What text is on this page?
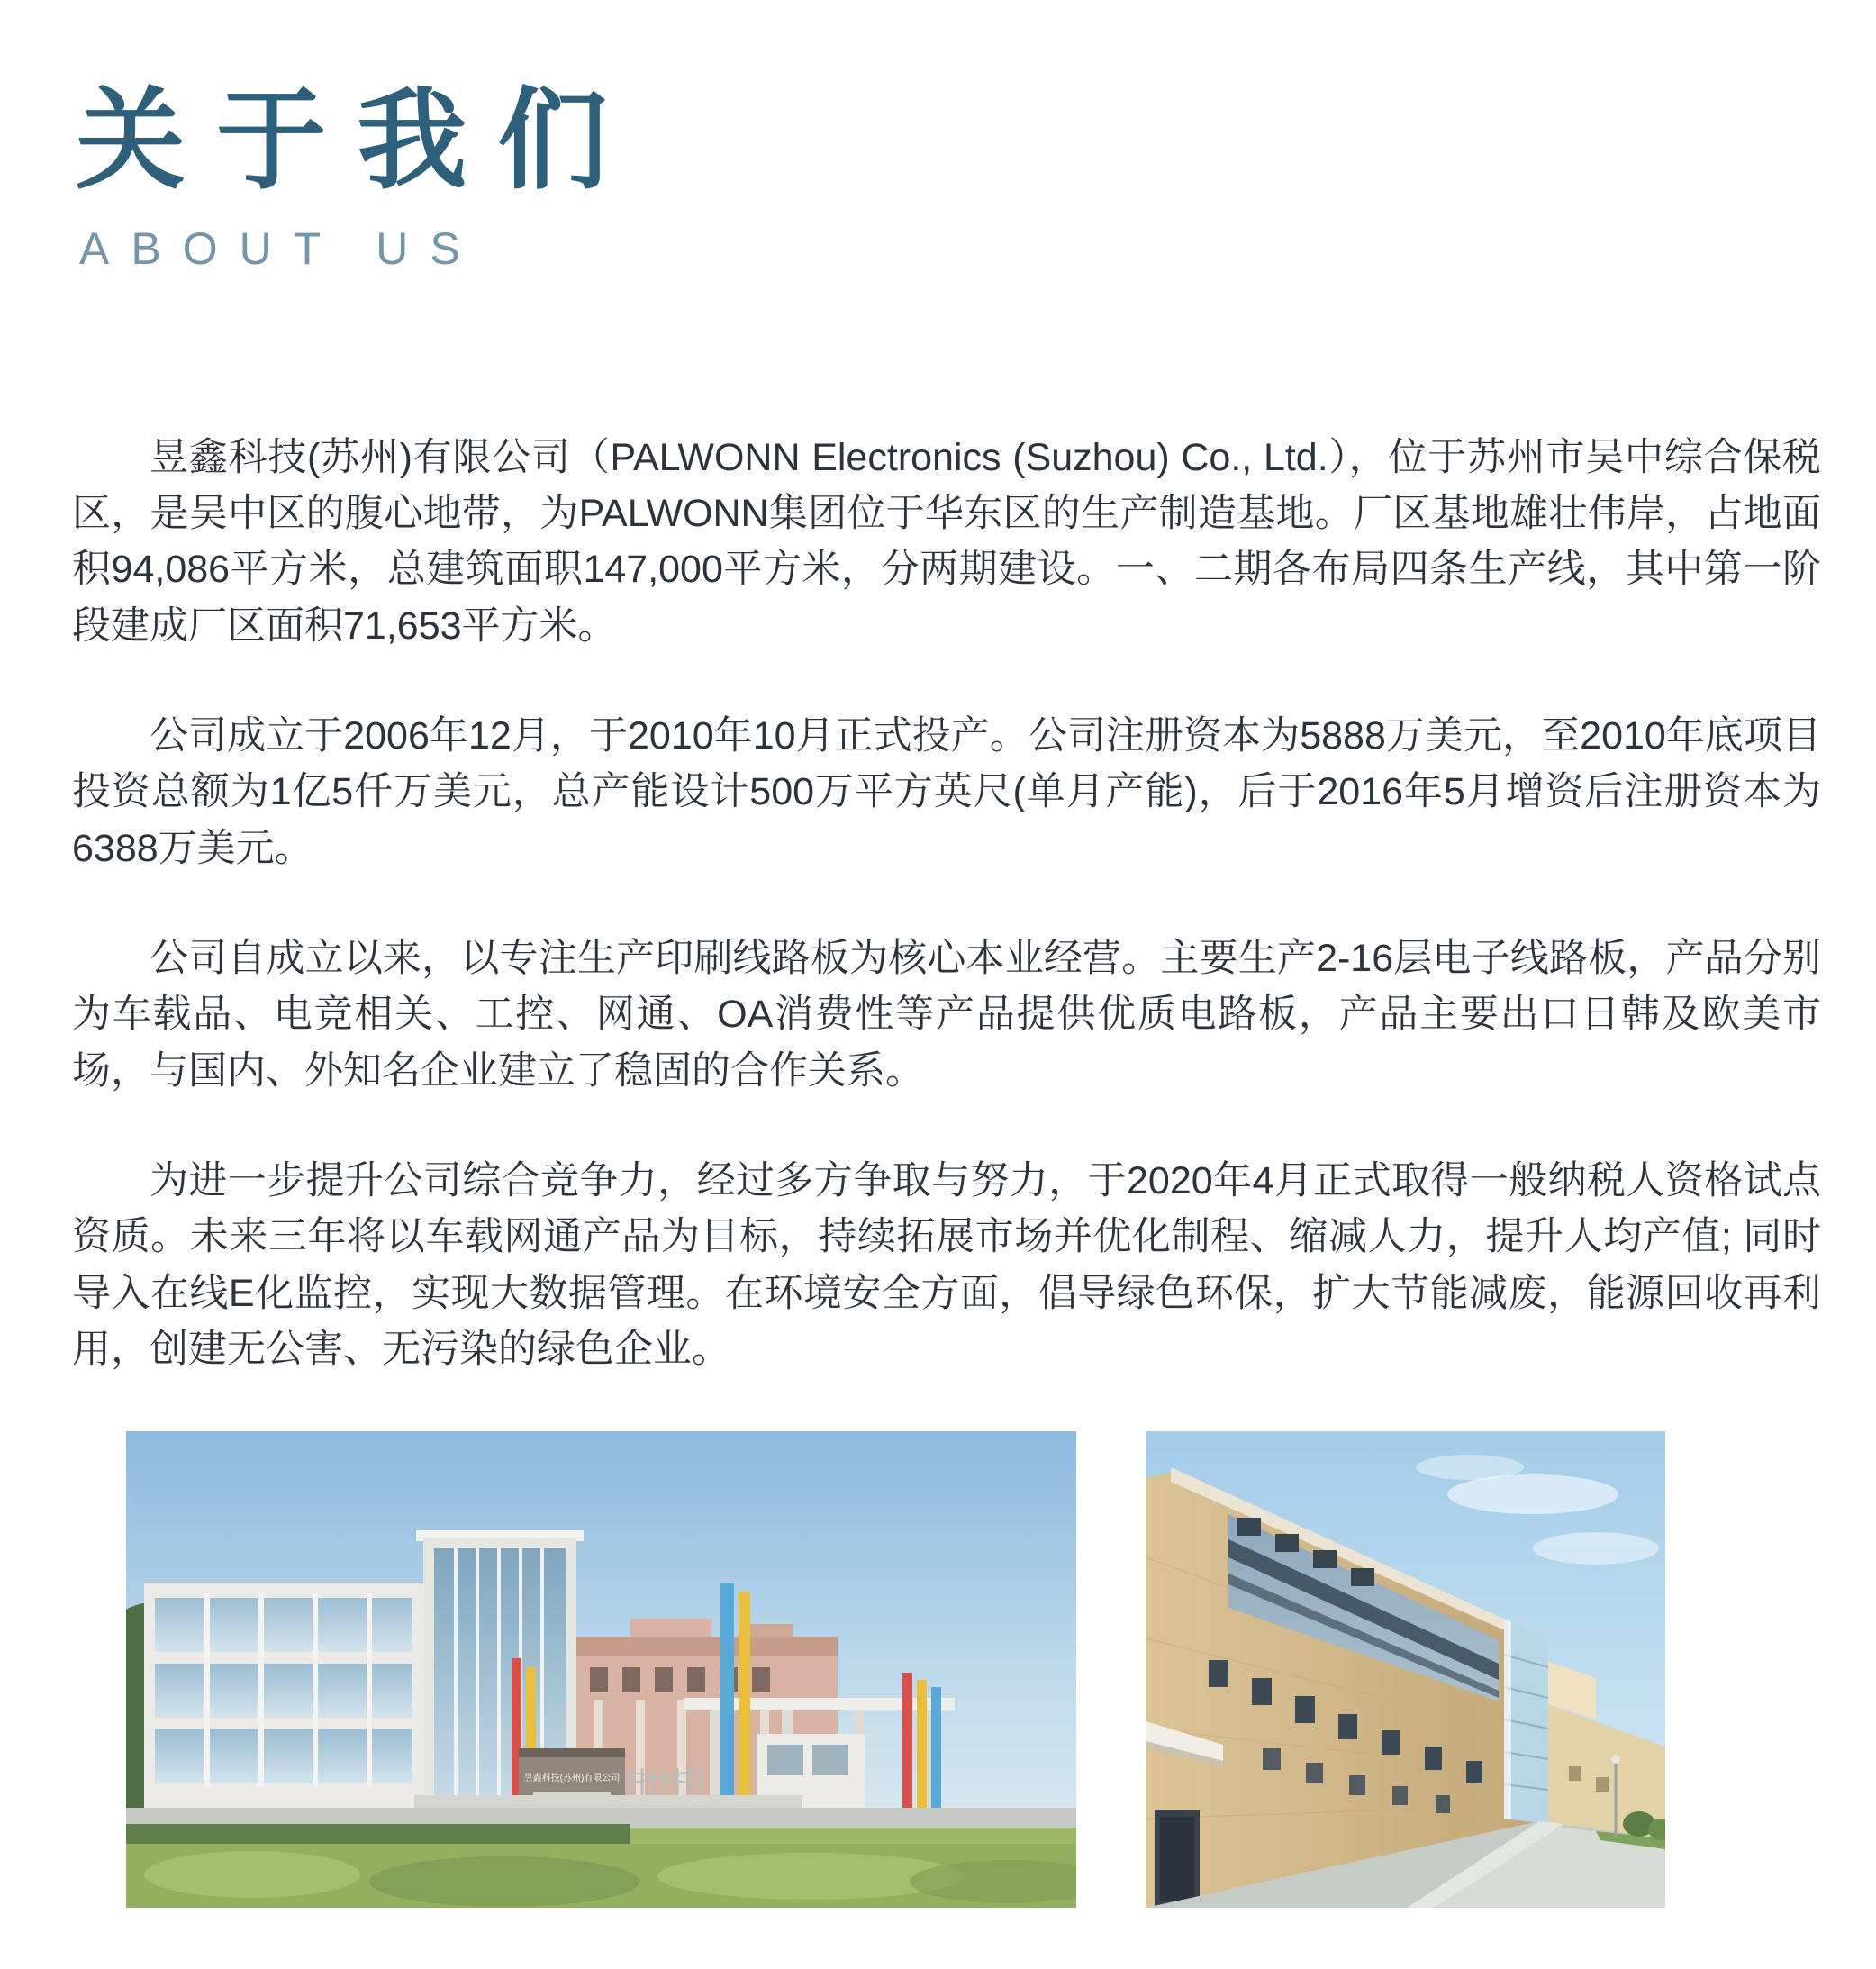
关于我们
ABOUT US

昱鑫科技(苏州)有限公司（PALWONN Electronics (Suzhou) Co., Ltd.），位于苏州市吴中综合保税区，是吴中区的腹心地带，为PALWONN集团位于华东区的生产制造基地。厂区基地雄壮伟岸，占地面积94,086平方米，总建筑面职147,000平方米，分两期建设。一、二期各布局四条生产线，其中第一阶段建成厂区面积71,653平方米。

公司成立于2006年12月，于2010年10月正式投产。公司注册资本为5888万美元，至2010年底项目投资总额为1亿5仟万美元，总产能设计500万平方英尺(单月产能)，后于2016年5月增资后注册资本为6388万美元。

公司自成立以来，以专注生产印刷线路板为核心本业经营。主要生产2-16层电子线路板，产品分别为车载品、电竞相关、工控、网通、OA消费性等产品提供优质电路板，产品主要出口日韩及欧美市场，与国内、外知名企业建立了稳固的合作关系。

为进一步提升公司综合竞争力，经过多方争取与努力，于2020年4月正式取得一般纳税人资格试点资质。未来三年将以车载网通产品为目标，持续拓展市场并优化制程、缩减人力，提升人均产值; 同时导入在线E化监控，实现大数据管理。在环境安全方面，倡导绿色环保，扩大节能减废，能源回收再利用，创建无公害、无污染的绿色企业。

昱鑫科技(苏州)有限公司
